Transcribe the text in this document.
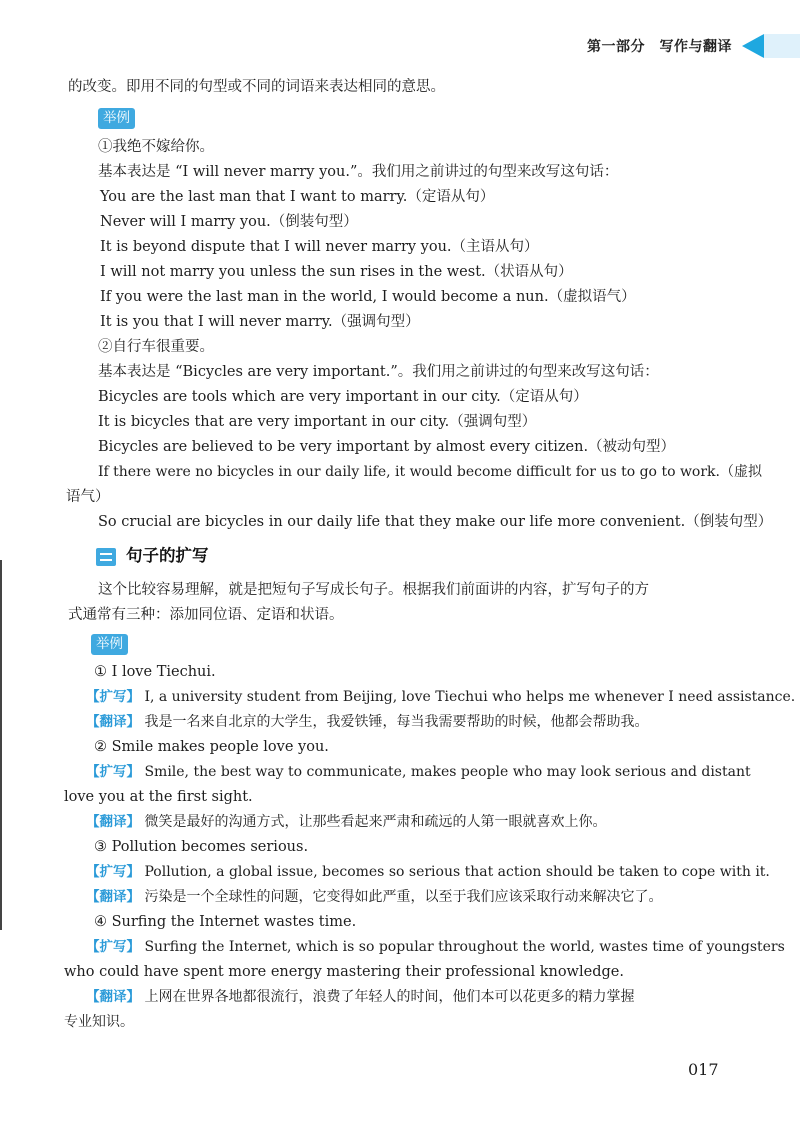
第一部分　写作与翻译
的改变。即用不同的句型或不同的词语来表达相同的意思。
举例
①我绝不嫁给你。
基本表达是 “I will never marry you.”。我们用之前讲过的句型来改写这句话：
You are the last man that I want to marry.（定语从句）
Never will I marry you.（倒装句型）
It is beyond dispute that I will never marry you.（主语从句）
I will not marry you unless the sun rises in the west.（状语从句）
If you were the last man in the world, I would become a nun.（虚拟语气）
It is you that I will never marry.（强调句型）
②自行车很重要。
基本表达是 “Bicycles are very important.”。我们用之前讲过的句型来改写这句话：
Bicycles are tools which are very important in our city.（定语从句）
It is bicycles that are very important in our city.（强调句型）
Bicycles are believed to be very important by almost every citizen.（被动句型）
If there were no bicycles in our daily life, it would become difficult for us to go to work.（虚拟
语气）
So crucial are bicycles in our daily life that they make our life more convenient.（倒装句型）
句子的扩写
这个比较容易理解，就是把短句子写成长句子。根据我们前面讲的内容，扩写句子的方
式通常有三种：添加同位语、定语和状语。
举例
① I love Tiechui.
【扩写】 I, a university student from Beijing, love Tiechui who helps me whenever I need assistance.
【翻译】 我是一名来自北京的大学生，我爱铁锤，每当我需要帮助的时候，他都会帮助我。
② Smile makes people love you.
【扩写】 Smile, the best way to communicate, makes people who may look serious and distant
love you at the first sight.
【翻译】 微笑是最好的沟通方式，让那些看起来严肃和疏远的人第一眼就喜欢上你。
③ Pollution becomes serious.
【扩写】 Pollution, a global issue, becomes so serious that action should be taken to cope with it.
【翻译】 污染是一个全球性的问题，它变得如此严重，以至于我们应该采取行动来解决它了。
④ Surfing the Internet wastes time.
【扩写】 Surfing the Internet, which is so popular throughout the world, wastes time of youngsters
who could have spent more energy mastering their professional knowledge.
【翻译】 上网在世界各地都很流行，浪费了年轻人的时间，他们本可以花更多的精力掌握
专业知识。
017
